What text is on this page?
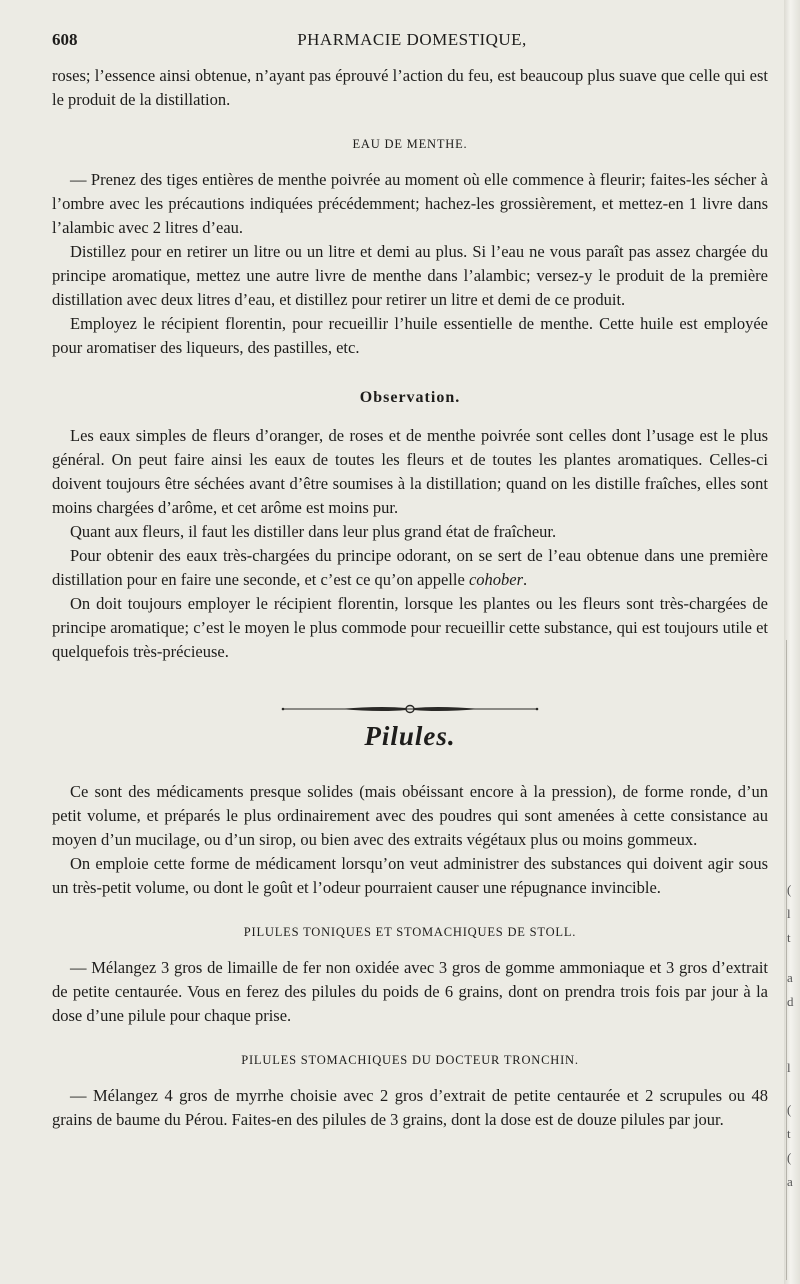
608	PHARMACIE DOMESTIQUE,

roses; l’essence ainsi obtenue, n’ayant pas éprouvé l’action du feu, est beaucoup plus suave que celle qui est le produit de la distillation.

EAU DE MENTHE.

— Prenez des tiges entières de menthe poivrée au moment où elle commence à fleurir; faites-les sécher à l’ombre avec les précautions indiquées précédemment; hachez-les grossièrement, et mettez-en 1 livre dans l’alambic avec 2 litres d’eau.

Distillez pour en retirer un litre ou un litre et demi au plus. Si l’eau ne vous paraît pas assez chargée du principe aromatique, mettez une autre livre de menthe dans l’alambic; versez-y le produit de la première distillation avec deux litres d’eau, et distillez pour retirer un litre et demi de ce produit.

Employez le récipient florentin, pour recueillir l’huile essentielle de menthe. Cette huile est employée pour aromatiser des liqueurs, des pastilles, etc.

Observation.

Les eaux simples de fleurs d’oranger, de roses et de menthe poivrée sont celles dont l’usage est le plus général. On peut faire ainsi les eaux de toutes les fleurs et de toutes les plantes aromatiques. Celles-ci doivent toujours être séchées avant d’être soumises à la distillation; quand on les distille fraîches, elles sont moins chargées d’arôme, et cet arôme est moins pur.

Quant aux fleurs, il faut les distiller dans leur plus grand état de fraîcheur.

Pour obtenir des eaux très-chargées du principe odorant, on se sert de l’eau obtenue dans une première distillation pour en faire une seconde, et c’est ce qu’on appelle cohober.

On doit toujours employer le récipient florentin, lorsque les plantes ou les fleurs sont très-chargées de principe aromatique; c’est le moyen le plus commode pour recueillir cette substance, qui est toujours utile et quelquefois très-précieuse.

Pilules.

Ce sont des médicaments presque solides (mais obéissant encore à la pression), de forme ronde, d’un petit volume, et préparés le plus ordinairement avec des poudres qui sont amenées à cette consistance au moyen d’un mucilage, ou d’un sirop, ou bien avec des extraits végétaux plus ou moins gommeux.

On emploie cette forme de médicament lorsqu’on veut administrer des substances qui doivent agir sous un très-petit volume, ou dont le goût et l’odeur pourraient causer une répugnance invincible.

PILULES TONIQUES ET STOMACHIQUES DE STOLL.

— Mélangez 3 gros de limaille de fer non oxidée avec 3 gros de gomme ammoniaque et 3 gros d’extrait de petite centaurée. Vous en ferez des pilules du poids de 6 grains, dont on prendra trois fois par jour à la dose d’une pilule pour chaque prise.

PILULES STOMACHIQUES DU DOCTEUR TRONCHIN.

— Mélangez 4 gros de myrrhe choisie avec 2 gros d’extrait de petite centaurée et 2 scrupules ou 48 grains de baume du Pérou. Faites-en des pilules de 3 grains, dont la dose est de douze pilules par jour.

(
l
t
a
d
l
(
t
(
a
